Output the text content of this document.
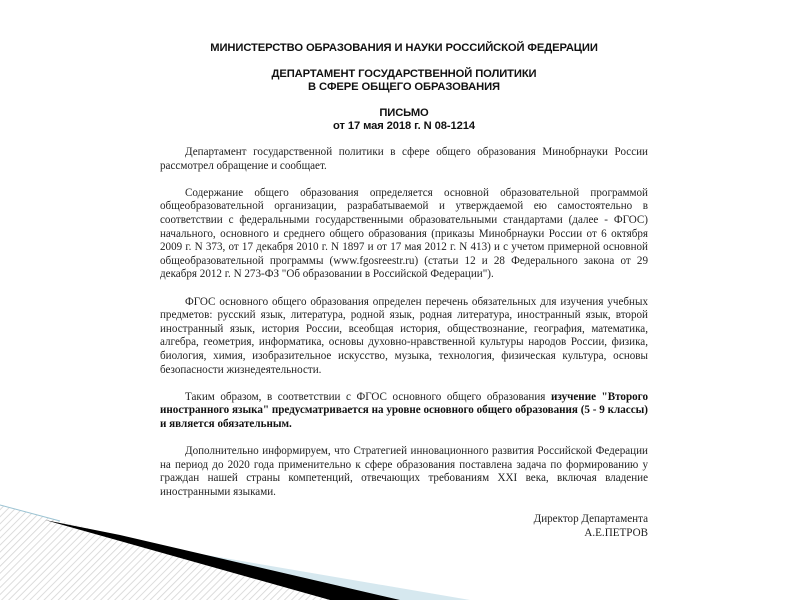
МИНИСТЕРСТВО ОБРАЗОВАНИЯ И НАУКИ РОССИЙСКОЙ ФЕДЕРАЦИИ
ДЕПАРТАМЕНТ ГОСУДАРСТВЕННОЙ ПОЛИТИКИ
В СФЕРЕ ОБЩЕГО ОБРАЗОВАНИЯ
ПИСЬМО
от 17 мая 2018 г. N 08-1214

Департамент государственной политики в сфере общего образования Минобрнауки России рассмотрел обращение и сообщает.

Содержание общего образования определяется основной образовательной программой общеобразовательной организации, разрабатываемой и утверждаемой ею самостоятельно в соответствии с федеральными государственными образовательными стандартами (далее - ФГОС) начального, основного и среднего общего образования (приказы Минобрнауки России от 6 октября 2009 г. N 373, от 17 декабря 2010 г. N 1897 и от 17 мая 2012 г. N 413) и с учетом примерной основной общеобразовательной программы (www.fgosreestr.ru) (статьи 12 и 28 Федерального закона от 29 декабря 2012 г. N 273-ФЗ "Об образовании в Российской Федерации").

ФГОС основного общего образования определен перечень обязательных для изучения учебных предметов: русский язык, литература, родной язык, родная литература, иностранный язык, второй иностранный язык, история России, всеобщая история, обществознание, география, математика, алгебра, геометрия, информатика, основы духовно-нравственной культуры народов России, физика, биология, химия, изобразительное искусство, музыка, технология, физическая культура, основы безопасности жизнедеятельности.

Таким образом, в соответствии с ФГОС основного общего образования изучение "Второго иностранного языка" предусматривается на уровне основного общего образования (5 - 9 классы) и является обязательным.

Дополнительно информируем, что Стратегией инновационного развития Российской Федерации на период до 2020 года применительно к сфере образования поставлена задача по формированию у граждан нашей страны компетенций, отвечающих требованиям XXI века, включая владение иностранными языками.

Директор Департамента
А.Е.ПЕТРОВ
